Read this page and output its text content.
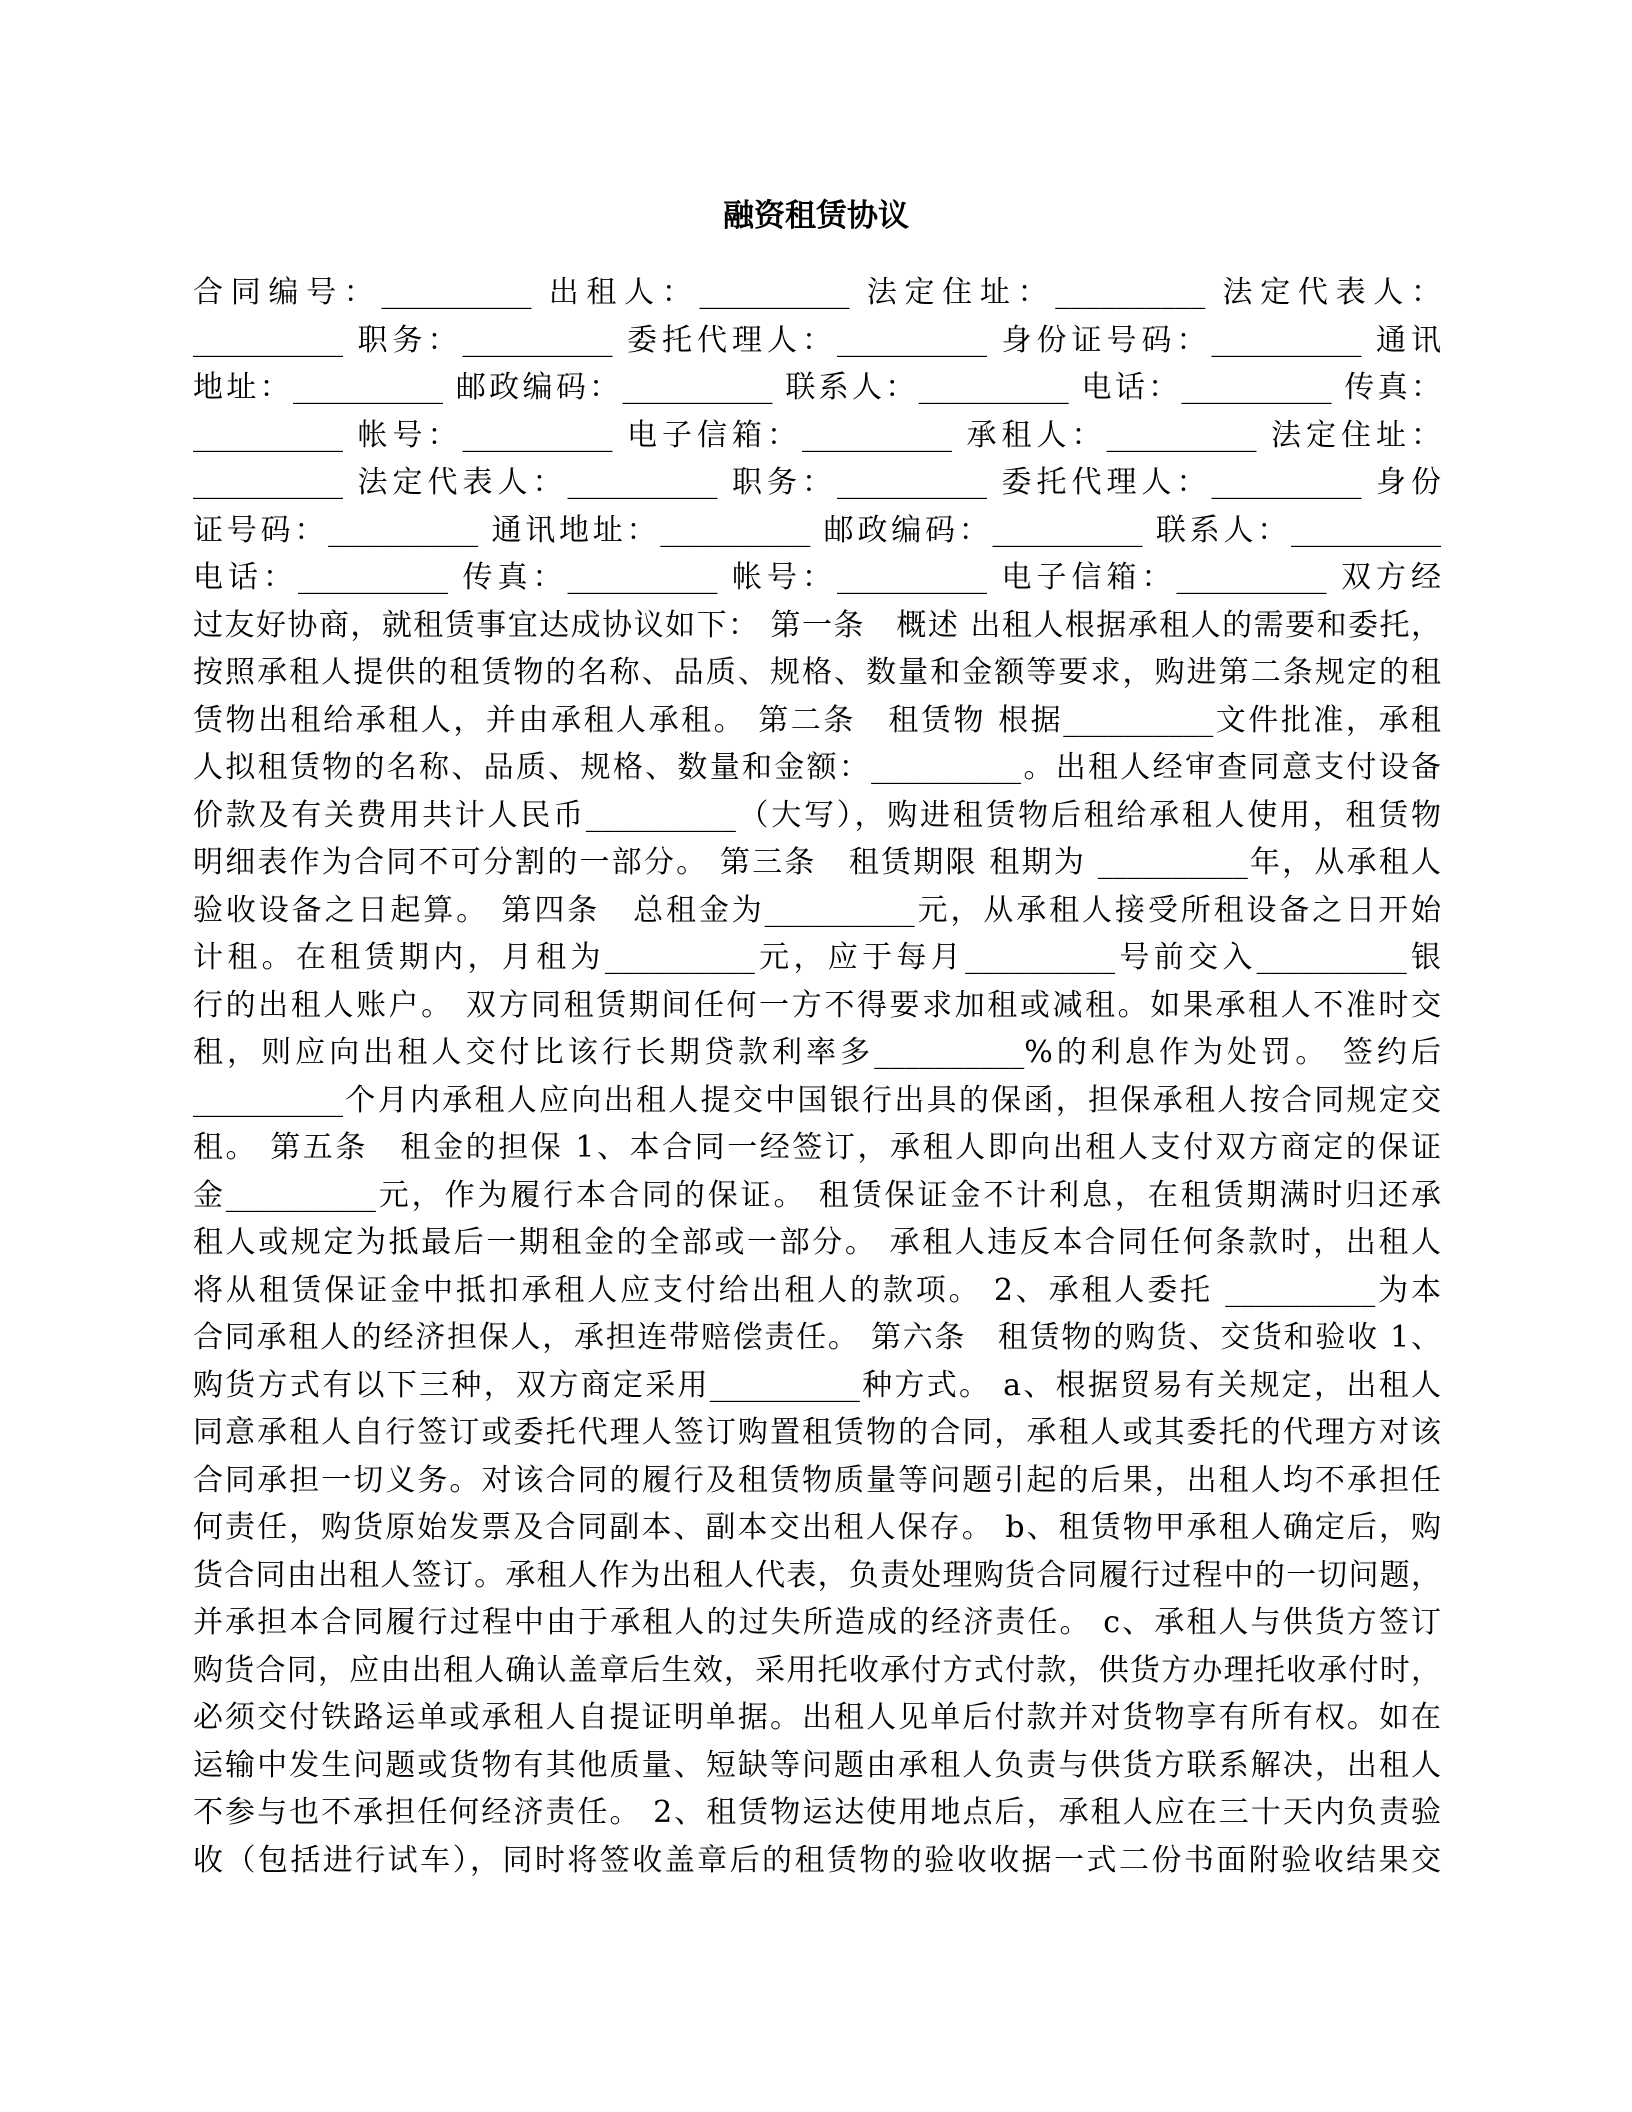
融资租赁协议
合同编号：__________ 出租人：__________ 法定住址：__________ 法定代表人：
__________ 职务：__________ 委托代理人：__________ 身份证号码：__________ 通讯
地址：__________ 邮政编码：__________ 联系人：__________ 电话：__________ 传真：
__________ 帐号：__________ 电子信箱：__________ 承租人：__________ 法定住址：
__________ 法定代表人：__________ 职务：__________ 委托代理人：__________ 身份
证号码：__________ 通讯地址：__________ 邮政编码：__________ 联系人：__________
电话：__________ 传真：__________ 帐号：__________ 电子信箱：__________ 双方经
过友好协商，就租赁事宜达成协议如下： 第一条　概述 出租人根据承租人的需要和委托，
按照承租人提供的租赁物的名称、品质、规格、数量和金额等要求，购进第二条规定的租
赁物出租给承租人，并由承租人承租。 第二条　租赁物 根据__________文件批准，承租
人拟租赁物的名称、品质、规格、数量和金额：__________。出租人经审查同意支付设备
价款及有关费用共计人民币__________（大写），购进租赁物后租给承租人使用，租赁物
明细表作为合同不可分割的一部分。 第三条　租赁期限 租期为 __________年，从承租人
验收设备之日起算。 第四条　总租金为__________元，从承租人接受所租设备之日开始
计租。在租赁期内，月租为__________元，应于每月__________号前交入__________银
行的出租人账户。 双方同租赁期间任何一方不得要求加租或减租。如果承租人不准时交
租，则应向出租人交付比该行长期贷款利率多__________%的利息作为处罚。 签约后
__________个月内承租人应向出租人提交中国银行出具的保函，担保承租人按合同规定交
租。 第五条　租金的担保 1、本合同一经签订，承租人即向出租人支付双方商定的保证
金__________元，作为履行本合同的保证。 租赁保证金不计利息，在租赁期满时归还承
租人或规定为抵最后一期租金的全部或一部分。 承租人违反本合同任何条款时，出租人
将从租赁保证金中抵扣承租人应支付给出租人的款项。 2、承租人委托 __________为本
合同承租人的经济担保人，承担连带赔偿责任。 第六条　租赁物的购货、交货和验收 1、
购货方式有以下三种，双方商定采用__________种方式。 a、根据贸易有关规定，出租人
同意承租人自行签订或委托代理人签订购置租赁物的合同，承租人或其委托的代理方对该
合同承担一切义务。对该合同的履行及租赁物质量等问题引起的后果，出租人均不承担任
何责任，购货原始发票及合同副本、副本交出租人保存。 b、租赁物甲承租人确定后，购
货合同由出租人签订。承租人作为出租人代表，负责处理购货合同履行过程中的一切问题，
并承担本合同履行过程中由于承租人的过失所造成的经济责任。 c、承租人与供货方签订
购货合同，应由出租人确认盖章后生效，采用托收承付方式付款，供货方办理托收承付时，
必须交付铁路运单或承租人自提证明单据。出租人见单后付款并对货物享有所有权。如在
运输中发生问题或货物有其他质量、短缺等问题由承租人负责与供货方联系解决，出租人
不参与也不承担任何经济责任。 2、租赁物运达使用地点后，承租人应在三十天内负责验
收（包括进行试车），同时将签收盖章后的租赁物的验收收据一式二份书面附验收结果交
